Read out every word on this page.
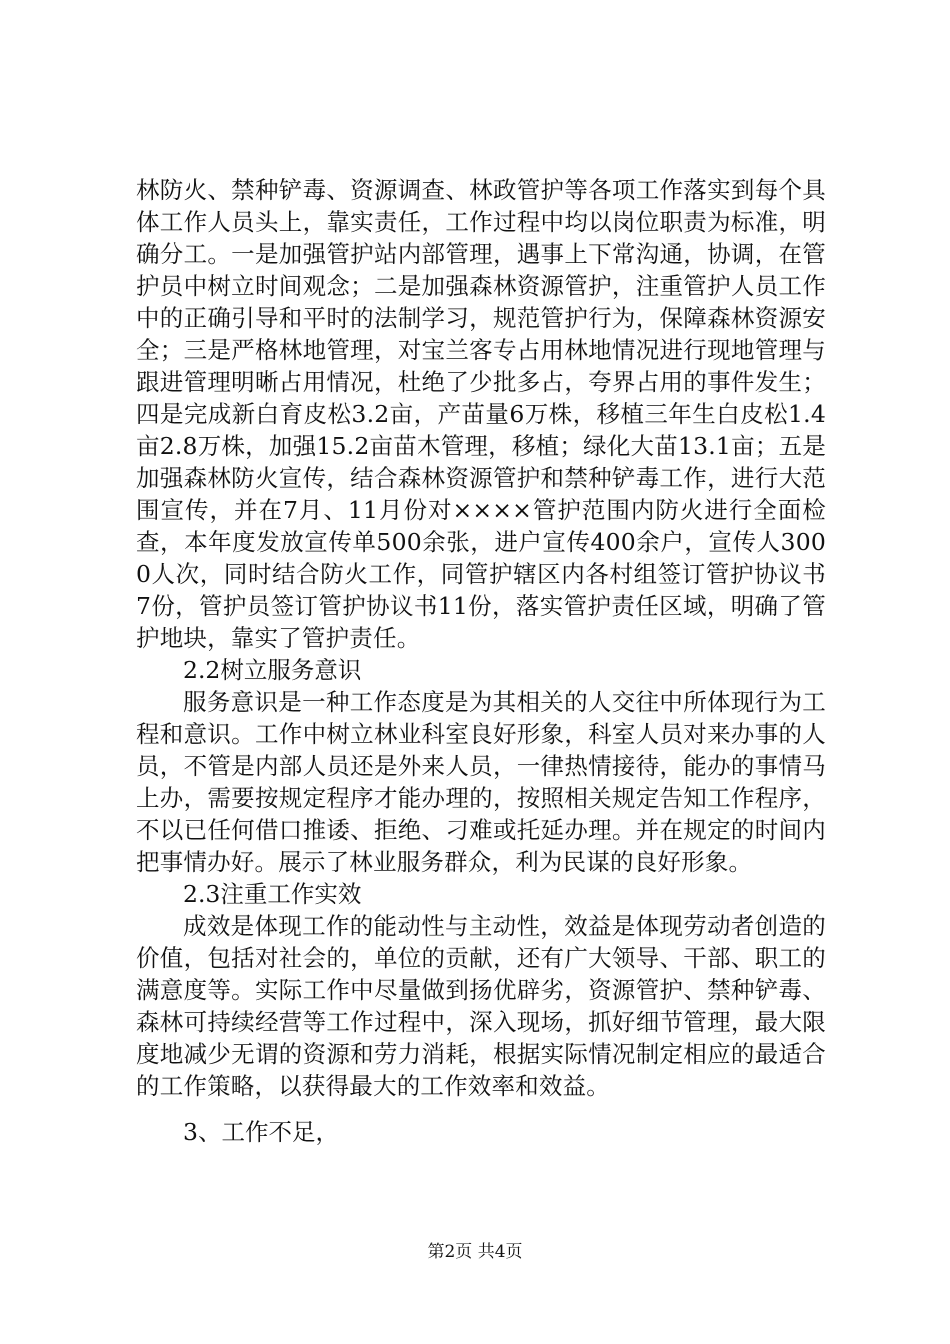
林防火、禁种铲毒、资源调查、林政管护等各项工作落实到每个具体工作人员头上，靠实责任，工作过程中均以岗位职责为标准，明确分工。一是加强管护站内部管理，遇事上下常沟通，协调，在管护员中树立时间观念；二是加强森林资源管护，注重管护人员工作中的正确引导和平时的法制学习，规范管护行为，保障森林资源安全；三是严格林地管理，对宝兰客专占用林地情况进行现地管理与跟进管理明晰占用情况，杜绝了少批多占，夸界占用的事件发生；四是完成新白育皮松3.2亩，产苗量6万株，移植三年生白皮松1.4亩2.8万株，加强15.2亩苗木管理，移植；绿化大苗13.1亩；五是加强森林防火宣传，结合森林资源管护和禁种铲毒工作，进行大范围宣传，并在7月、11月份对××××管护范围内防火进行全面检查，本年度发放宣传单500余张，进户宣传400余户，宣传人3000人次，同时结合防火工作，同管护辖区内各村组签订管护协议书7份，管护员签订管护协议书11份，落实管护责任区域，明确了管护地块，靠实了管护责任。

2.2树立服务意识

服务意识是一种工作态度是为其相关的人交往中所体现行为工程和意识。工作中树立林业科室良好形象，科室人员对来办事的人员，不管是内部人员还是外来人员，一律热情接待，能办的事情马上办，需要按规定程序才能办理的，按照相关规定告知工作程序，不以已任何借口推诿、拒绝、刁难或托延办理。并在规定的时间内把事情办好。展示了林业服务群众，利为民谋的良好形象。

2.3注重工作实效

成效是体现工作的能动性与主动性，效益是体现劳动者创造的价值，包括对社会的，单位的贡献，还有广大领导、干部、职工的满意度等。实际工作中尽量做到扬优辟劣，资源管护、禁种铲毒、森林可持续经营等工作过程中，深入现场，抓好细节管理，最大限度地减少无谓的资源和劳力消耗，根据实际情况制定相应的最适合的工作策略，以获得最大的工作效率和效益。

3、工作不足，

第2页 共4页
